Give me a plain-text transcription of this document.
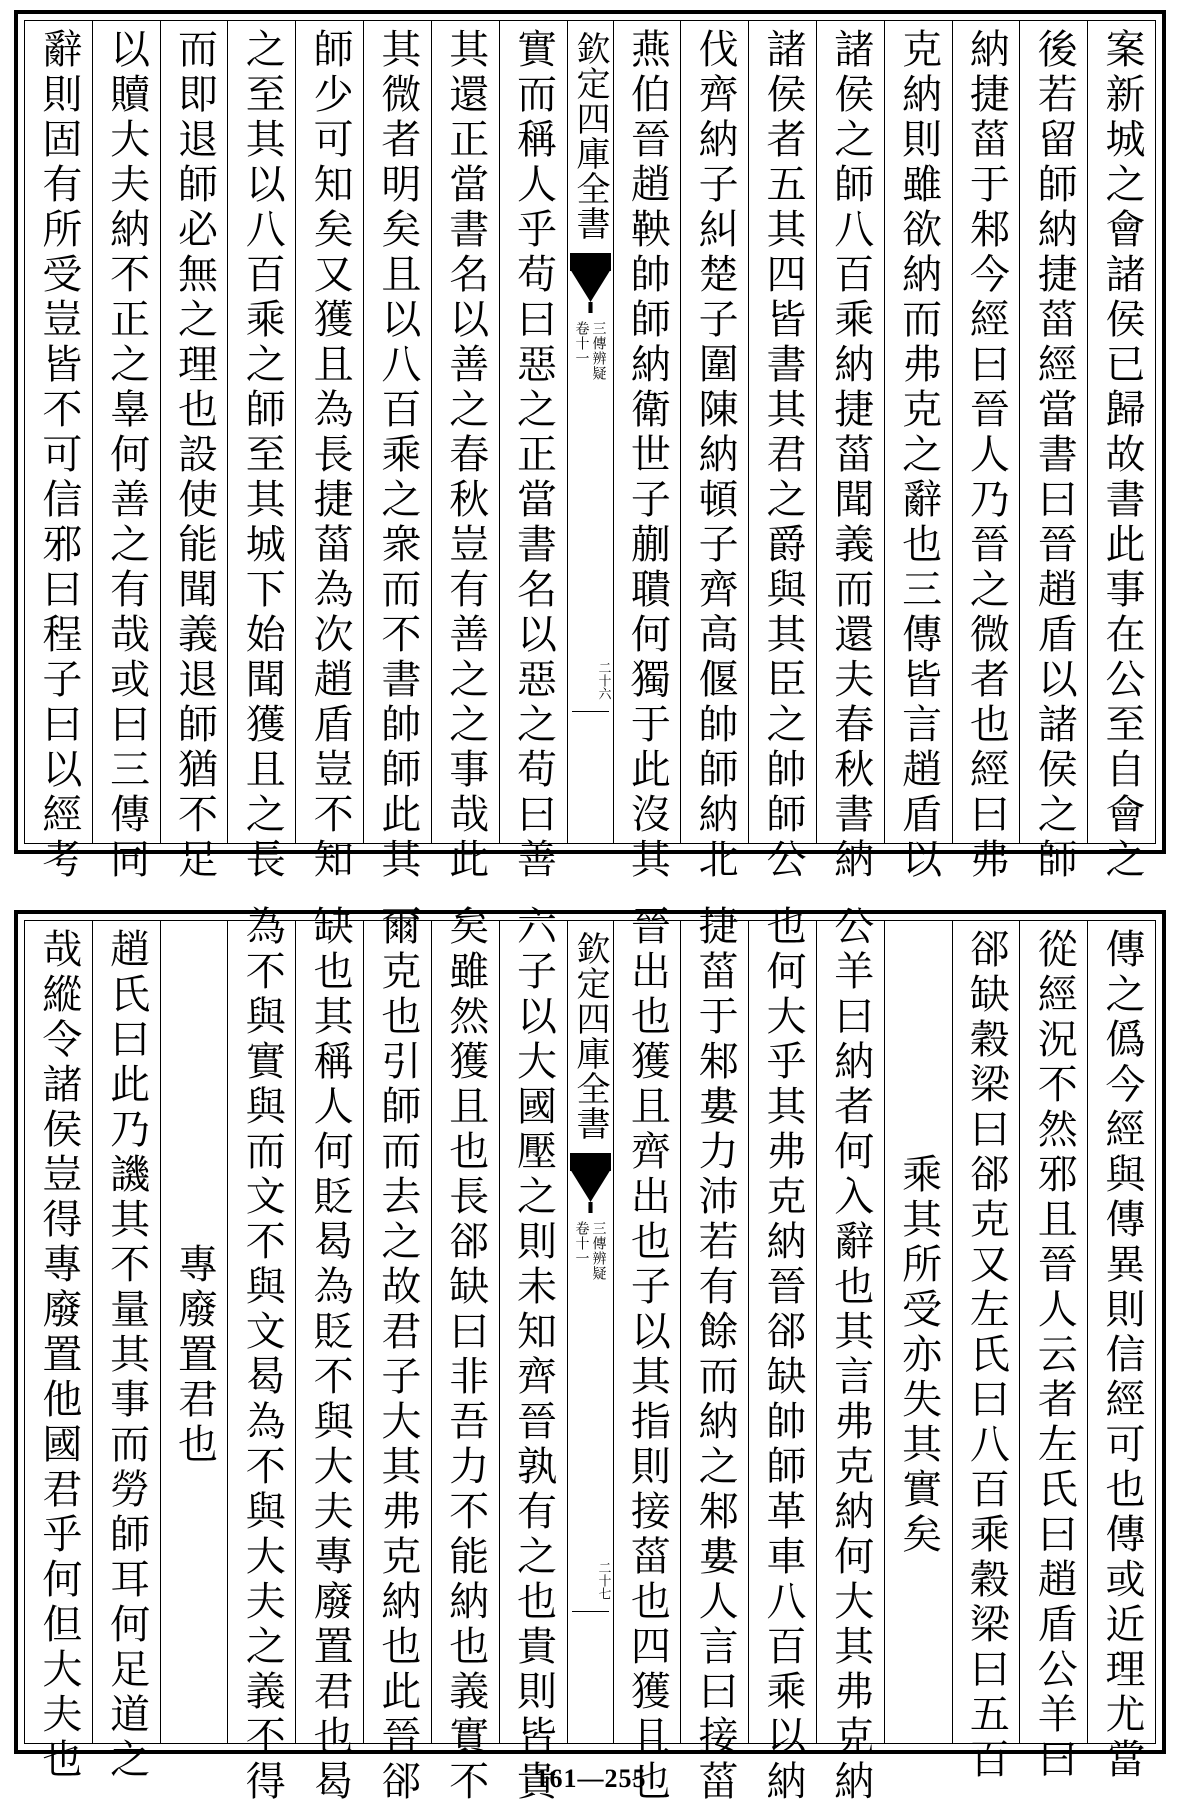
案新城之會諸侯已歸故書此事在公至自會之
後若留師納捷菑經當書曰晉趙盾以諸侯之師
納捷菑于邾今經曰晉人乃晉之微者也經曰弗
克納則雖欲納而弗克之辭也三傳皆言趙盾以
諸侯之師八百乘納捷菑聞義而還夫春秋書納
諸侯者五其四皆書其君之爵與其臣之帥師公
伐齊納子糾楚子圍陳納頓子齊高偃帥師納北
燕伯晉趙鞅帥師納衛世子蒯聵何獨于此沒其
欽定四庫全書
三傳辨疑
卷十一
二十六
實而稱人乎苟曰惡之正當書名以惡之苟曰善
其還正當書名以善之春秋豈有善之之事哉此
其微者明矣且以八百乘之衆而不書帥師此其
師少可知矣又獲且為長捷菑為次趙盾豈不知
之至其以八百乘之師至其城下始聞獲且之長
而即退師必無之理也設使能聞義退師猶不足
以贖大夫納不正之辠何善之有哉或曰三傳同
辭則固有所受豈皆不可信邪曰程子曰以經考
傳之僞今經與傳異則信經可也傳或近理尤當
從經況不然邪且晉人云者左氏曰趙盾公羊曰
郤缺穀梁曰郤克又左氏曰八百乘穀梁曰五百
乘其所受亦失其實矣
公羊曰納者何入辭也其言弗克納何大其弗克納
也何大乎其弗克納晉郤缺帥師革車八百乘以納
捷菑于邾婁力沛若有餘而納之邾婁人言曰接菑
晉出也獲且齊出也子以其指則接菑也四獲且也
欽定四庫全書
三傳辨疑
卷十一
二十七
六子以大國壓之則未知齊晉孰有之也貴則皆貴
矣雖然獲且也長郤缺曰非吾力不能納也義實不
爾克也引師而去之故君子大其弗克納也此晉郤
缺也其稱人何貶曷為貶不與大夫專廢置君也曷
為不與實與而文不與文曷為不與大夫之義不得
專廢置君也
趙氏曰此乃譏其不量其事而勞師耳何足道之
哉縱令諸侯豈得專廢置他國君乎何但大夫也	161—255
